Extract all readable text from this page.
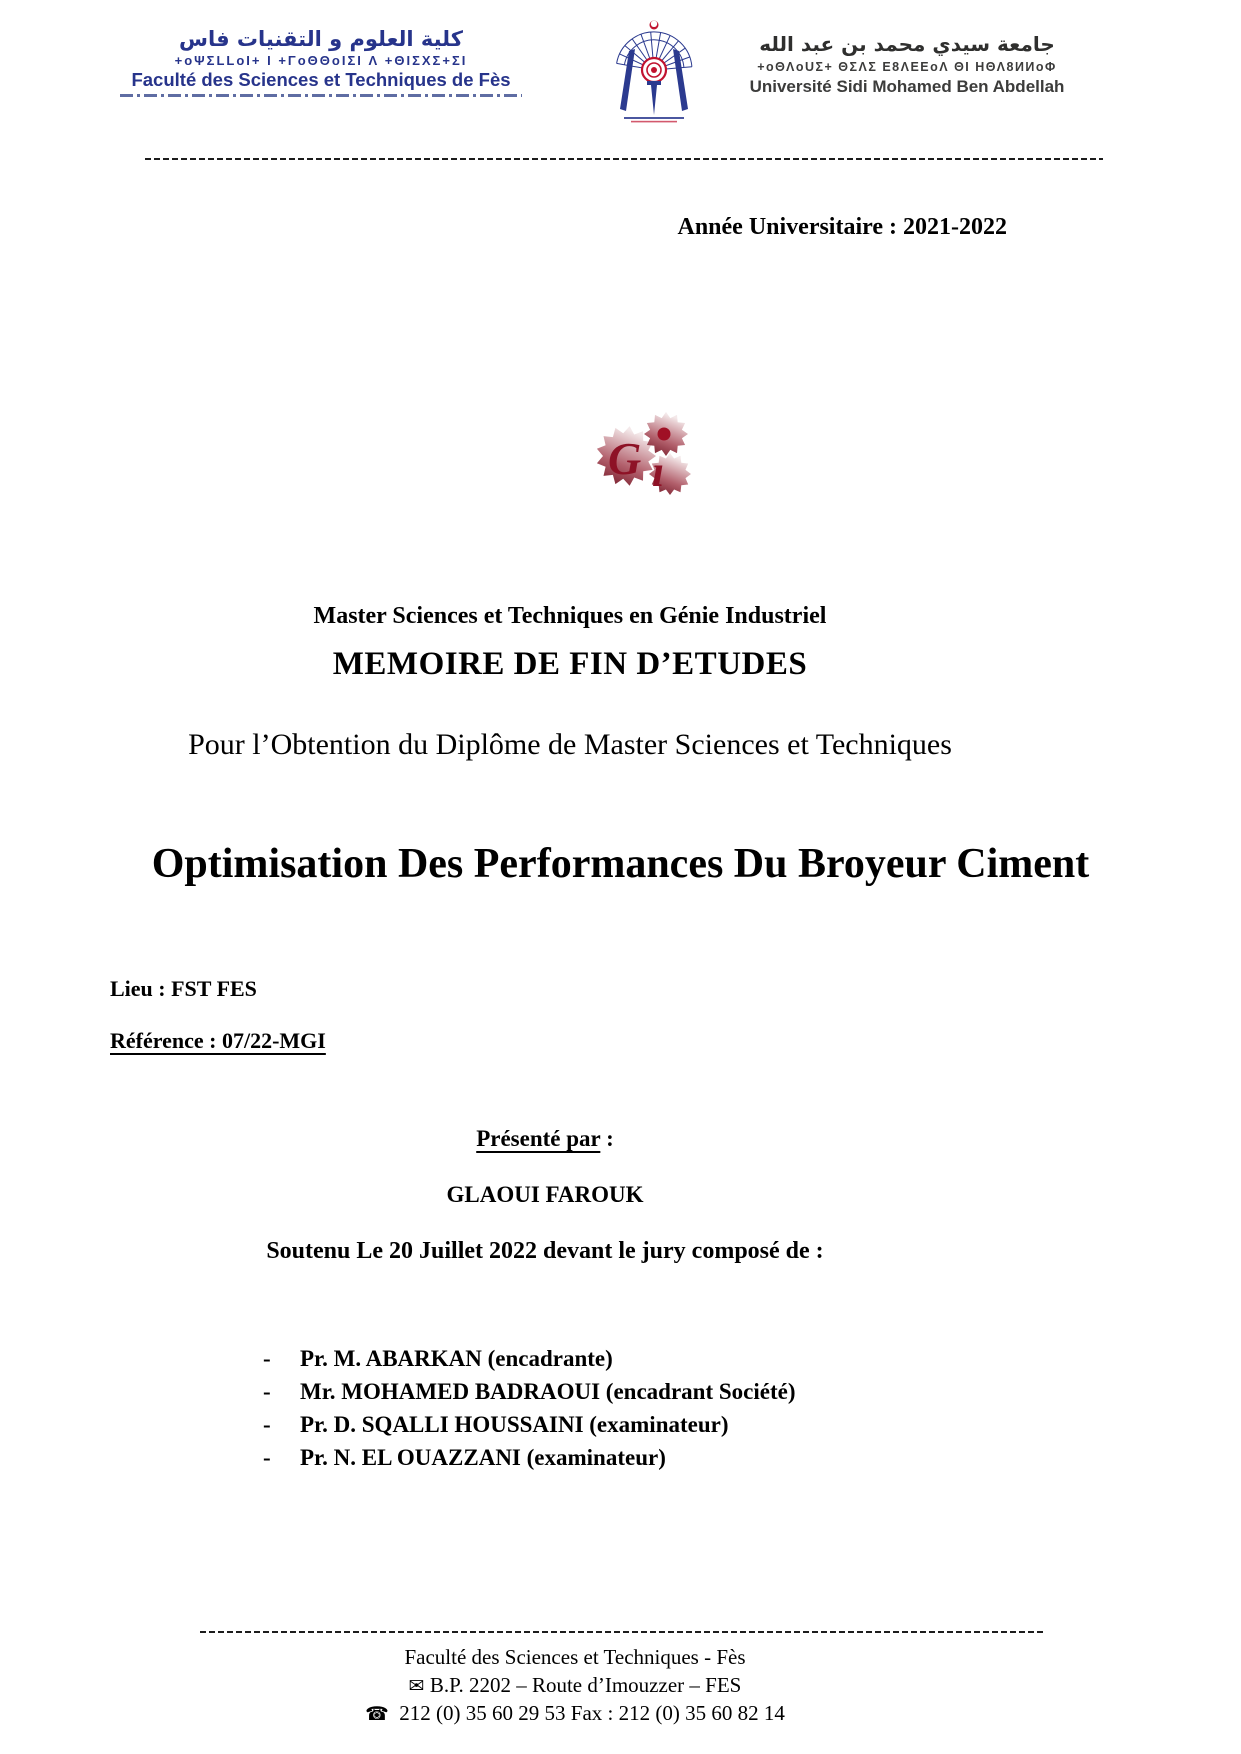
كلية العلوم و التقنيات فاس
+oΨΣLLoI+ I +ΓoΘΘoIΣI Λ +ΘIΣΧΣ+ΣI
Faculté des Sciences et Techniques de Fès
جامعة سيدي محمد بن عبد الله
+oΘΛoUΣ+ ΘΣΛΣ Ε8ΛΕΕoΛ ΘΙ ΗΘΛ8ИИoΦ
Université Sidi Mohamed Ben Abdellah
Année Universitaire : 2021-2022
G ı
Master Sciences et Techniques en Génie Industriel
MEMOIRE DE FIN D’ETUDES
Pour l’Obtention du Diplôme de Master Sciences et Techniques
Optimisation Des Performances Du Broyeur Ciment
Lieu : FST FES
Référence : 07/22-MGI
Présenté par :
GLAOUI FAROUK
Soutenu Le 20 Juillet 2022 devant le jury composé de :
-	Pr. M. ABARKAN (encadrante)
-	Mr. MOHAMED BADRAOUI (encadrant Société)
-	Pr. D. SQALLI HOUSSAINI (examinateur)
-	Pr. N. EL OUAZZANI (examinateur)
Faculté des Sciences et Techniques - Fès
✉ B.P. 2202 – Route d’Imouzzer – FES
☎ 212 (0) 35 60 29 53 Fax : 212 (0) 35 60 82 14
